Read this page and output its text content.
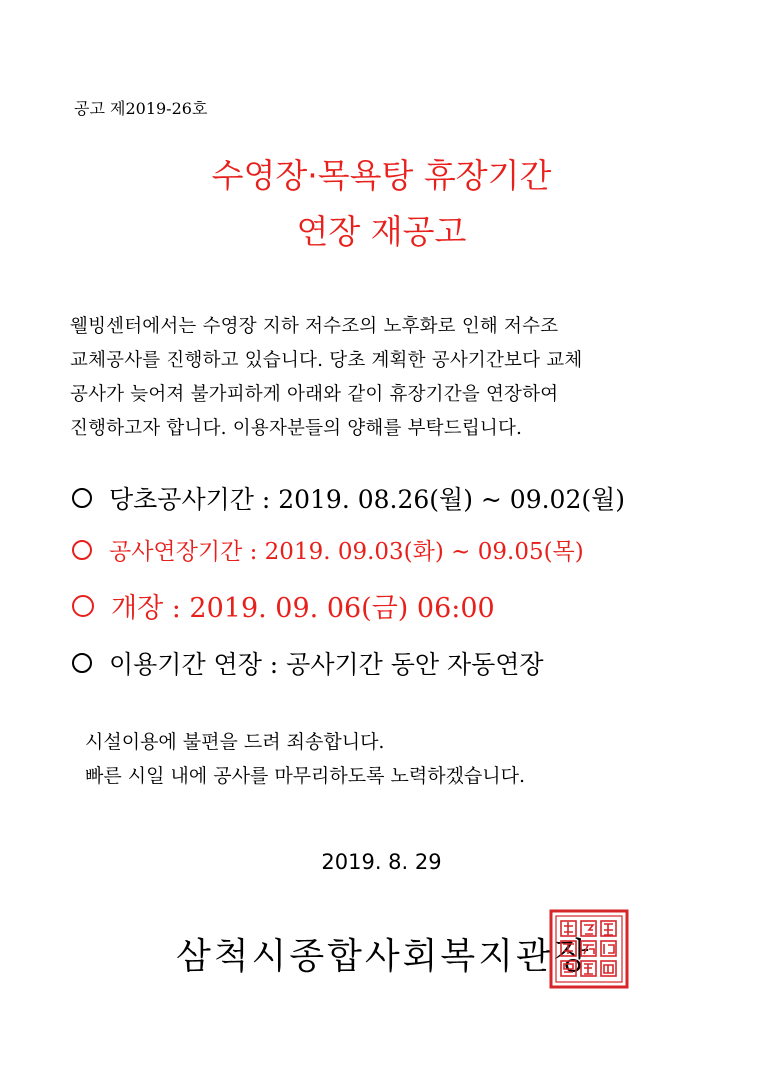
공고 제2019-26호
수영장·목욕탕 휴장기간
연장 재공고
웰빙센터에서는 수영장 지하 저수조의 노후화로 인해 저수조
교체공사를 진행하고 있습니다. 당초 계획한 공사기간보다 교체
공사가 늦어져 불가피하게 아래와 같이 휴장기간을 연장하여
진행하고자 합니다. 이용자분들의 양해를 부탁드립니다.
당초공사기간 : 2019. 08.26(월) ~ 09.02(월)
공사연장기간 : 2019. 09.03(화) ~ 09.05(목)
개장 : 2019. 09. 06(금) 06:00
이용기간 연장 : 공사기간 동안 자동연장
시설이용에 불편을 드려 죄송합니다.
빠른 시일 내에 공사를 마무리하도록 노력하겠습니다.
2019. 8. 29
삼척시종합사회복지관장
